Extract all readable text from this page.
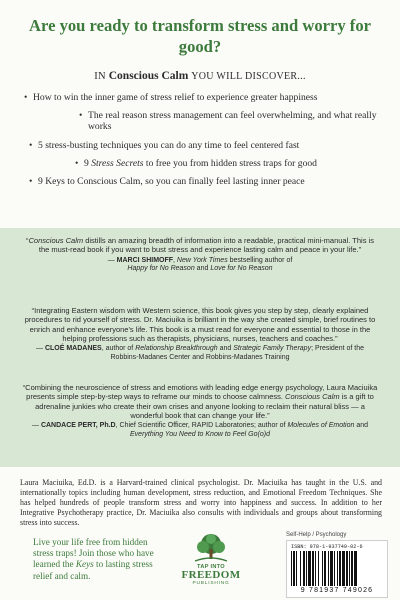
Are you ready to transform stress and worry for good?
IN Conscious Calm YOU WILL DISCOVER...
• How to win the inner game of stress relief to experience greater happiness
• The real reason stress management can feel overwhelming, and what really works
• 5 stress-busting techniques you can do any time to feel centered fast
• 9 Stress Secrets to free you from hidden stress traps for good
• 9 Keys to Conscious Calm, so you can finally feel lasting inner peace
“Conscious Calm distills an amazing breadth of information into a readable, practical mini-manual. This is the must-read book if you want to bust stress and experience lasting calm and peace in your life.”
— MARCI SHIMOFF, New York Times bestselling author of
Happy for No Reason and Love for No Reason
“Integrating Eastern wisdom with Western science, this book gives you step by step, clearly explained procedures to rid yourself of stress. Dr. Maciuika is brilliant in the way she created simple, brief routines to enrich and enhance everyone's life. This book is a must read for everyone and essential to those in the helping professions such as therapists, physicians, nurses, teachers and coaches.”
— CLOÉ MADANES, author of Relationship Breakthrough and Strategic Family Therapy; President of the Robbins-Madanes Center and Robbins-Madanes Training
“Combining the neuroscience of stress and emotions with leading edge energy psychology, Laura Maciuika presents simple step-by-step ways to reframe our minds to choose calmness. Conscious Calm is a gift to adrenaline junkies who create their own crises and anyone looking to reclaim their natural bliss — a wonderful book that can change your life.”
— CANDACE PERT, Ph.D, Chief Scientific Officer, RAPID Laboratories; author of Molecules of Emotion and Everything You Need to Know to Feel Go(o)d
Laura Maciuika, Ed.D. is a Harvard-trained clinical psychologist. Dr. Maciuika has taught in the U.S. and internationally topics including human development, stress reduction, and Emotional Freedom Techniques. She has helped hundreds of people transform stress and worry into happiness and success. In addition to her Integrative Psychotherapy practice, Dr. Maciuika also consults with individuals and groups about transforming stress into success.
Live your life free from hidden stress traps! Join those who have learned the Keys to lasting stress relief and calm.
TAP INTO
FREEDOM
PUBLISHING
Self-Help / Psychology
ISBN: 978-1-937749-02-6
9 781937 749026
